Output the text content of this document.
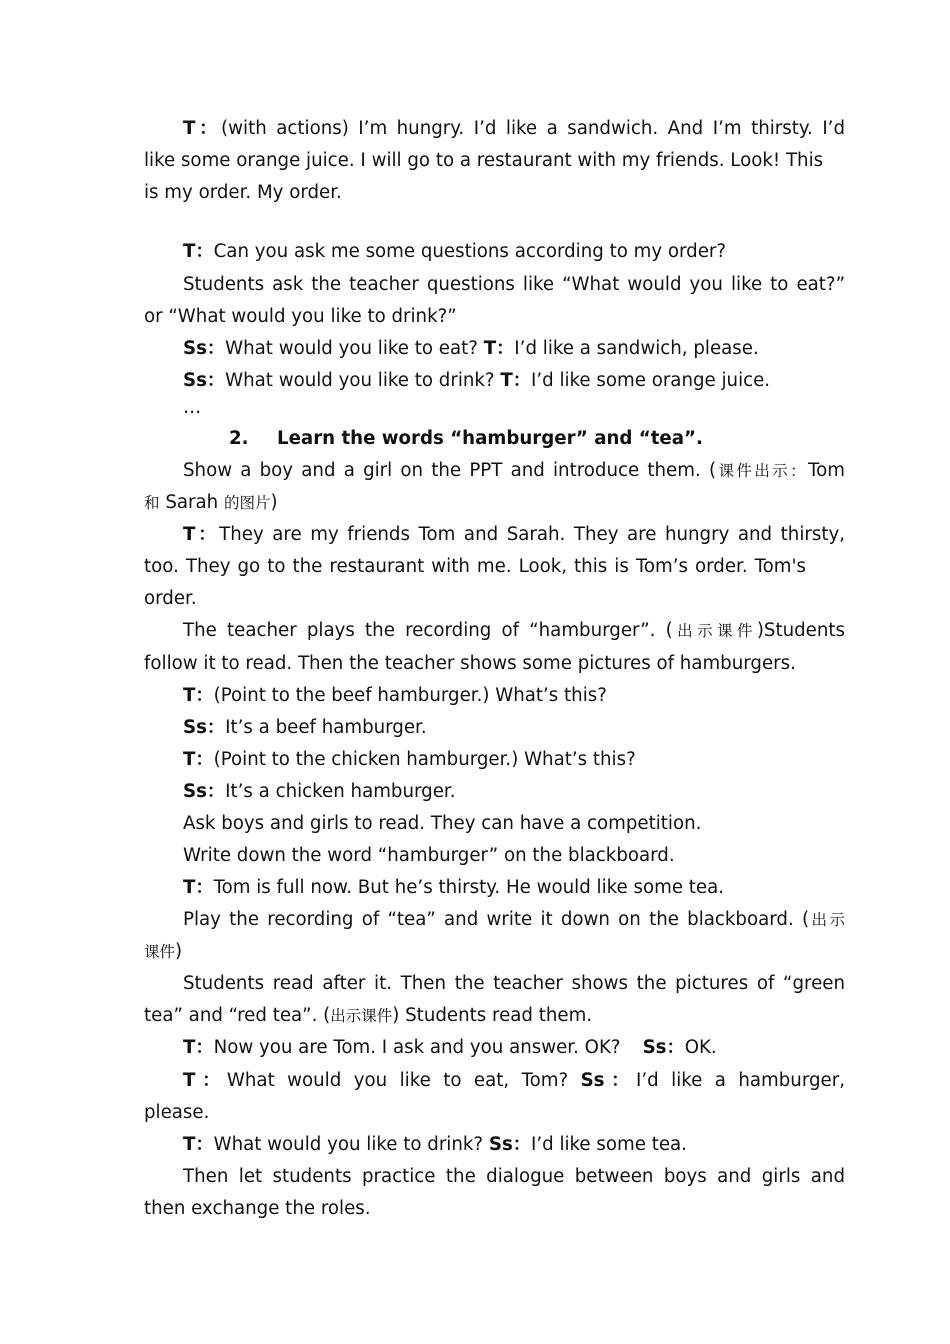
T：(with actions) I’m hungry. I’d like a sandwich. And I’m thirsty. I’d
like some orange juice. I will go to a restaurant with my friends. Look! This
is my order. My order.
T：Can you ask me some questions according to my order?
Students ask the teacher questions like “What would you like to eat?”
or “What would you like to drink?”
Ss：What would you like to eat? T：I’d like a sandwich, please.
Ss：What would you like to drink? T：I’d like some orange juice.
…
2. Learn the words “hamburger” and “tea”.
Show a boy and a girl on the PPT and introduce them. (课件出示：Tom
和 Sarah 的图片)
T：They are my friends Tom and Sarah. They are hungry and thirsty,
too. They go to the restaurant with me. Look, this is Tom’s order. Tom's
order.
The teacher plays the recording of “hamburger”. (出示课件)Students
follow it to read. Then the teacher shows some pictures of hamburgers.
T：(Point to the beef hamburger.) What’s this?
Ss：It’s a beef hamburger.
T：(Point to the chicken hamburger.) What’s this?
Ss：It’s a chicken hamburger.
Ask boys and girls to read. They can have a competition.
Write down the word “hamburger” on the blackboard.
T：Tom is full now. But he’s thirsty. He would like some tea.
Play the recording of “tea” and write it down on the blackboard. (出示
课件)
Students read after it. Then the teacher shows the pictures of “green
tea” and “red tea”. (出示课件) Students read them.
T：Now you are Tom. I ask and you answer. OK? Ss：OK.
T：What would you like to eat, Tom? Ss：I’d like a hamburger,
please.
T：What would you like to drink? Ss：I’d like some tea.
Then let students practice the dialogue between boys and girls and
then exchange the roles.
